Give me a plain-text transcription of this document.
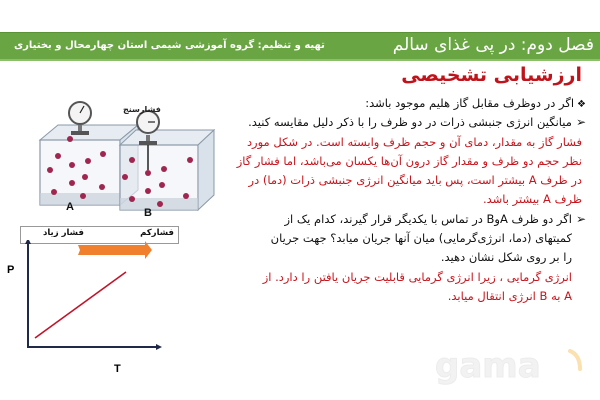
فصل دوم: در پی غذای سالم
تهیه و تنظیم: گروه آموزشی شیمی استان چهارمحال و بختیاری
ارزشیابی تشخیصی
❖اگر در دوظرف مقابل گاز هلیم موجود باشد:
➢میانگین انرژی جنبشی ذرات در دو ظرف را با ذکر دلیل مقایسه کنید.
فشار گاز به مقدار، دمای آن و حجم ظرف وابسته است. در شکل مورد
نظر حجم دو ظرف و مقدار گاز درون آن‌ها یکسان می‌باشد، اما فشار گاز
در ظرف A بیشتر است، پس باید میانگین انرژی جنبشی ذرات (دما) در
ظرف A بیشتر باشد.
➢اگر دو ظرف AوB در تماس با یکدیگر قرار گیرند، کدام یک از
کمیتهای (دما، انرژی‌گرمایی) میان آنها جریان میابد؟ جهت جریان
را بر روی شکل نشان دهید.
انرژی گرمایی ، زیرا انرژی گرمایی قابلیت جریان یافتن را دارد. از
A به B انرژی انتقال میابد.
فشارسنج
A	B
فشار زیاد	فشارکم
P
T	gama
